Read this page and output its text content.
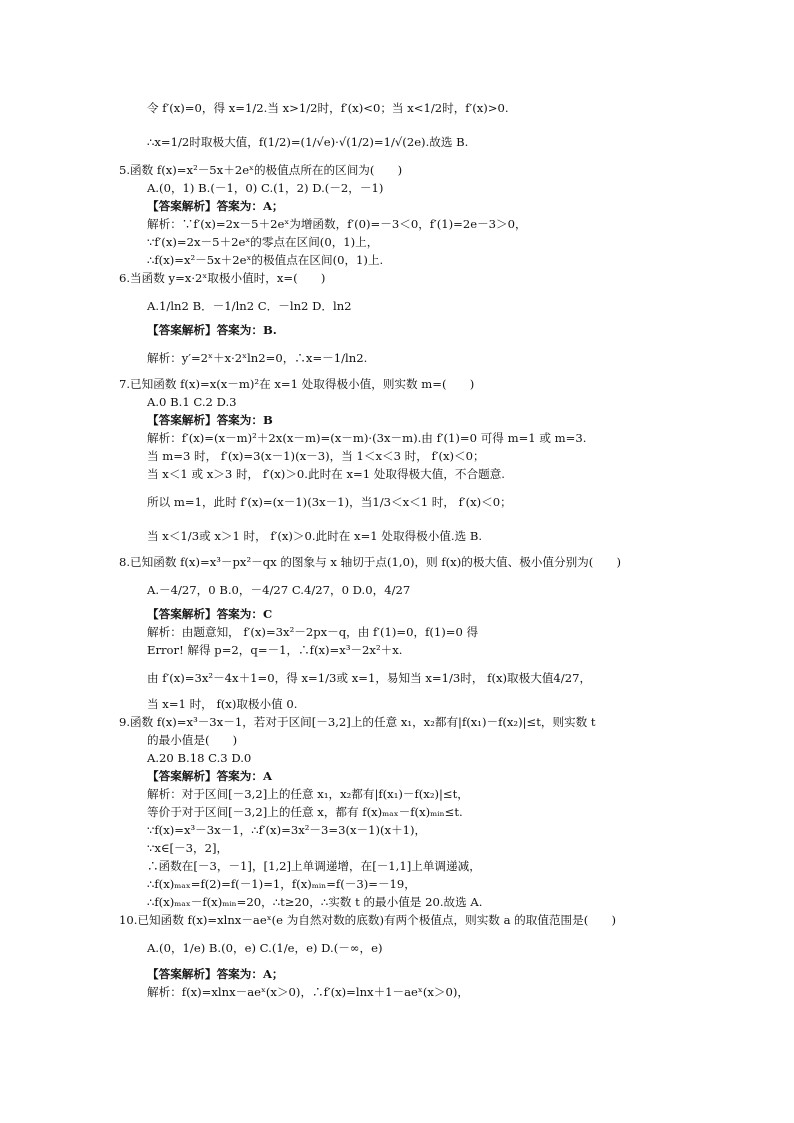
令 f′(x)=0，得 x=1/2.当 x>1/2时，f′(x)<0；当 x<1/2时，f′(x)>0.
∴x=1/2时取极大值，f(1/2)=(1/√e)·√(1/2)=1/√(2e).故选 B.
5.函数 f(x)=x²－5x＋2eˣ的极值点所在的区间为(　　)
A.(0，1) B.(－1，0) C.(1，2) D.(－2，－1)
【答案解析】答案为：A；
解析：∵f′(x)=2x－5＋2eˣ为增函数，f′(0)=－3＜0，f′(1)=2e－3＞0，
∵f′(x)=2x－5＋2eˣ的零点在区间(0，1)上，
∴f(x)=x²－5x＋2eˣ的极值点在区间(0，1)上.
6.当函数 y=x·2ˣ取极小值时，x=(　　)
A.1/ln2 B．－1/ln2 C．－ln2 D．ln2
【答案解析】答案为：B.
解析：y′=2ˣ＋x·2ˣln2=0，∴x=－1/ln2.
7.已知函数 f(x)=x(x－m)²在 x=1 处取得极小值，则实数 m=(　　)
A.0 B.1 C.2 D.3
【答案解析】答案为：B
解析：f′(x)=(x－m)²＋2x(x－m)=(x－m)·(3x－m).由 f′(1)=0 可得 m=1 或 m=3.
当 m=3 时， f′(x)=3(x－1)(x－3)，当 1＜x＜3 时， f′(x)＜0；
当 x＜1 或 x＞3 时， f′(x)＞0.此时在 x=1 处取得极大值，不合题意.
所以 m=1，此时 f′(x)=(x－1)(3x－1)，当1/3＜x＜1 时， f′(x)＜0；
当 x＜1/3或 x＞1 时， f′(x)＞0.此时在 x=1 处取得极小值.选 B.
8.已知函数 f(x)=x³－px²－qx 的图象与 x 轴切于点(1,0)，则 f(x)的极大值、极小值分别为(　　)
A.－4/27，0 B.0，－4/27 C.4/27，0 D.0，4/27
【答案解析】答案为：C
解析：由题意知， f′(x)=3x²－2px－q，由 f′(1)=0，f(1)=0 得
Error! 解得 p=2，q=－1，∴f(x)=x³－2x²＋x.
由 f′(x)=3x²－4x＋1=0，得 x=1/3或 x=1，易知当 x=1/3时， f(x)取极大值4/27，
当 x=1 时， f(x)取极小值 0.
9.函数 f(x)=x³－3x－1，若对于区间[－3,2]上的任意 x₁，x₂都有|f(x₁)－f(x₂)|≤t，则实数 t
的最小值是(　　)
A.20 B.18 C.3 D.0
【答案解析】答案为：A
解析：对于区间[－3,2]上的任意 x₁，x₂都有|f(x₁)－f(x₂)|≤t，
等价于对于区间[－3,2]上的任意 x，都有 f(x)ₘₐₓ－f(x)ₘᵢₙ≤t.
∵f(x)=x³－3x－1，∴f′(x)=3x²－3=3(x－1)(x＋1)，
∵x∈[－3，2]，
∴函数在[－3，－1]，[1,2]上单调递增，在[－1,1]上单调递减，
∴f(x)ₘₐₓ=f(2)=f(－1)=1，f(x)ₘᵢₙ=f(－3)=－19，
∴f(x)ₘₐₓ－f(x)ₘᵢₙ=20，∴t≥20，∴实数 t 的最小值是 20.故选 A.
10.已知函数 f(x)=xlnx－aeˣ(e 为自然对数的底数)有两个极值点，则实数 a 的取值范围是(　　)
A.(0，1/e) B.(0，e) C.(1/e，e) D.(－∞，e)
【答案解析】答案为：A；
解析：f(x)=xlnx－aeˣ(x＞0)，∴f′(x)=lnx＋1－aeˣ(x＞0)，
